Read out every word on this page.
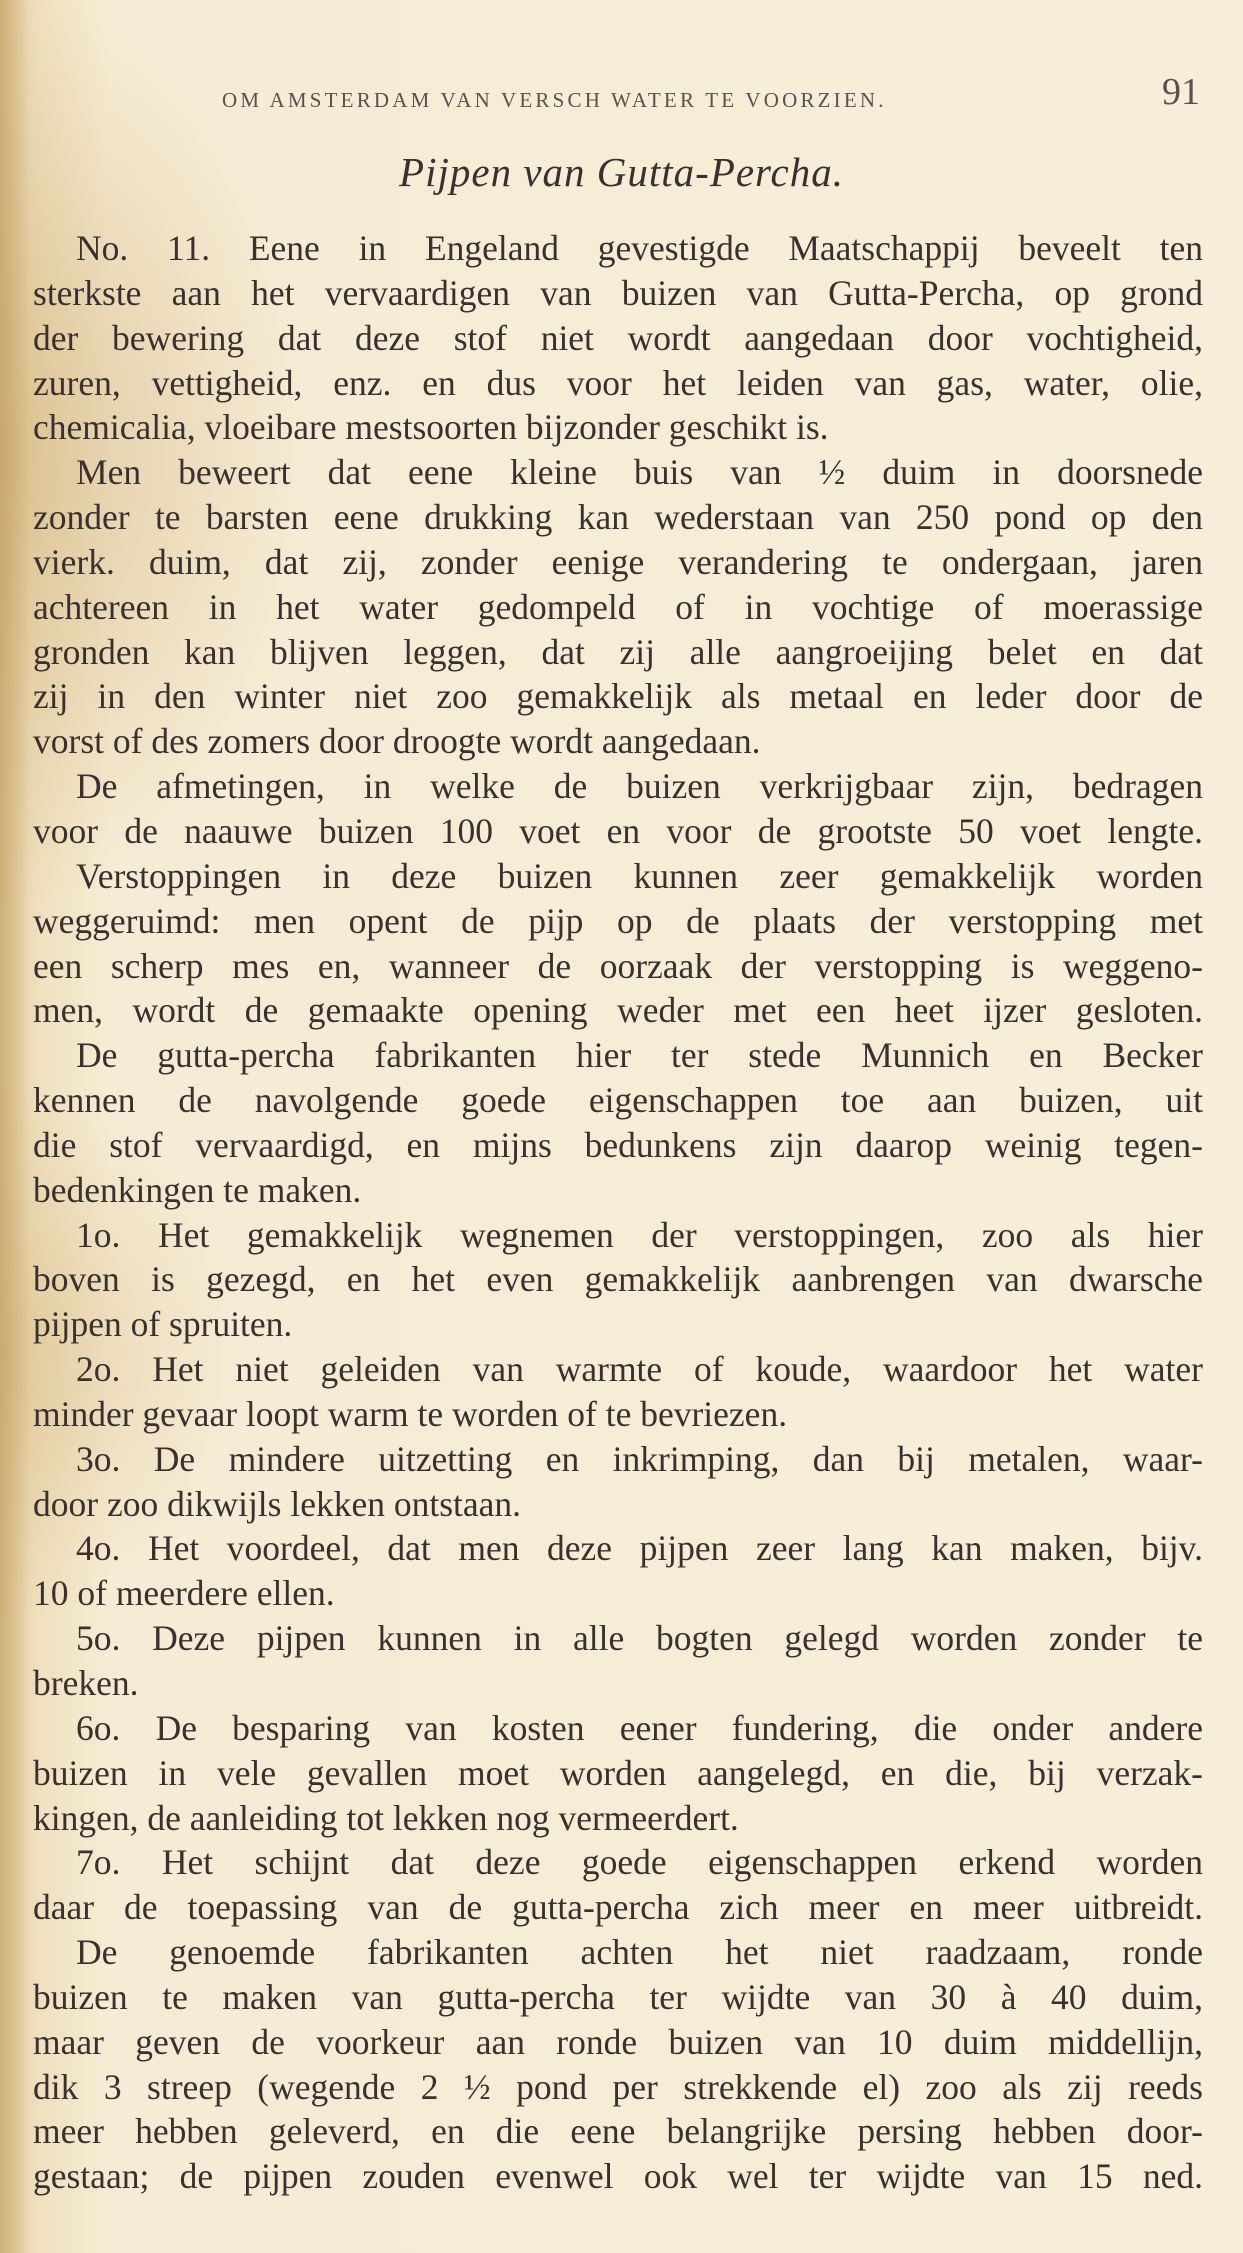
OM AMSTERDAM VAN VERSCH WATER TE VOORZIEN.	91
Pijpen van Gutta-Percha.
No. 11. Eene in Engeland gevestigde Maatschappij beveelt ten
sterkste aan het vervaardigen van buizen van Gutta-Percha, op grond
der bewering dat deze stof niet wordt aangedaan door vochtigheid,
zuren, vettigheid, enz. en dus voor het leiden van gas, water, olie,
chemicalia, vloeibare mestsoorten bijzonder geschikt is.
Men beweert dat eene kleine buis van ½ duim in doorsnede
zonder te barsten eene drukking kan wederstaan van 250 pond op den
vierk. duim, dat zij, zonder eenige verandering te ondergaan, jaren
achtereen in het water gedompeld of in vochtige of moerassige
gronden kan blijven leggen, dat zij alle aangroeijing belet en dat
zij in den winter niet zoo gemakkelijk als metaal en leder door de
vorst of des zomers door droogte wordt aangedaan.
De afmetingen, in welke de buizen verkrijgbaar zijn, bedragen
voor de naauwe buizen 100 voet en voor de grootste 50 voet lengte.
Verstoppingen in deze buizen kunnen zeer gemakkelijk worden
weggeruimd: men opent de pijp op de plaats der verstopping met
een scherp mes en, wanneer de oorzaak der verstopping is weggeno-
men, wordt de gemaakte opening weder met een heet ijzer gesloten.
De gutta-percha fabrikanten hier ter stede Munnich en Becker
kennen de navolgende goede eigenschappen toe aan buizen, uit
die stof vervaardigd, en mijns bedunkens zijn daarop weinig tegen-
bedenkingen te maken.
1o. Het gemakkelijk wegnemen der verstoppingen, zoo als hier
boven is gezegd, en het even gemakkelijk aanbrengen van dwarsche
pijpen of spruiten.
2o. Het niet geleiden van warmte of koude, waardoor het water
minder gevaar loopt warm te worden of te bevriezen.
3o. De mindere uitzetting en inkrimping, dan bij metalen, waar-
door zoo dikwijls lekken ontstaan.
4o. Het voordeel, dat men deze pijpen zeer lang kan maken, bijv.
10 of meerdere ellen.
5o. Deze pijpen kunnen in alle bogten gelegd worden zonder te
breken.
6o. De besparing van kosten eener fundering, die onder andere
buizen in vele gevallen moet worden aangelegd, en die, bij verzak-
kingen, de aanleiding tot lekken nog vermeerdert.
7o. Het schijnt dat deze goede eigenschappen erkend worden
daar de toepassing van de gutta-percha zich meer en meer uitbreidt.
De genoemde fabrikanten achten het niet raadzaam, ronde
buizen te maken van gutta-percha ter wijdte van 30 à 40 duim,
maar geven de voorkeur aan ronde buizen van 10 duim middellijn,
dik 3 streep (wegende 2 ½ pond per strekkende el) zoo als zij reeds
meer hebben geleverd, en die eene belangrijke persing hebben door-
gestaan; de pijpen zouden evenwel ook wel ter wijdte van 15 ned.
